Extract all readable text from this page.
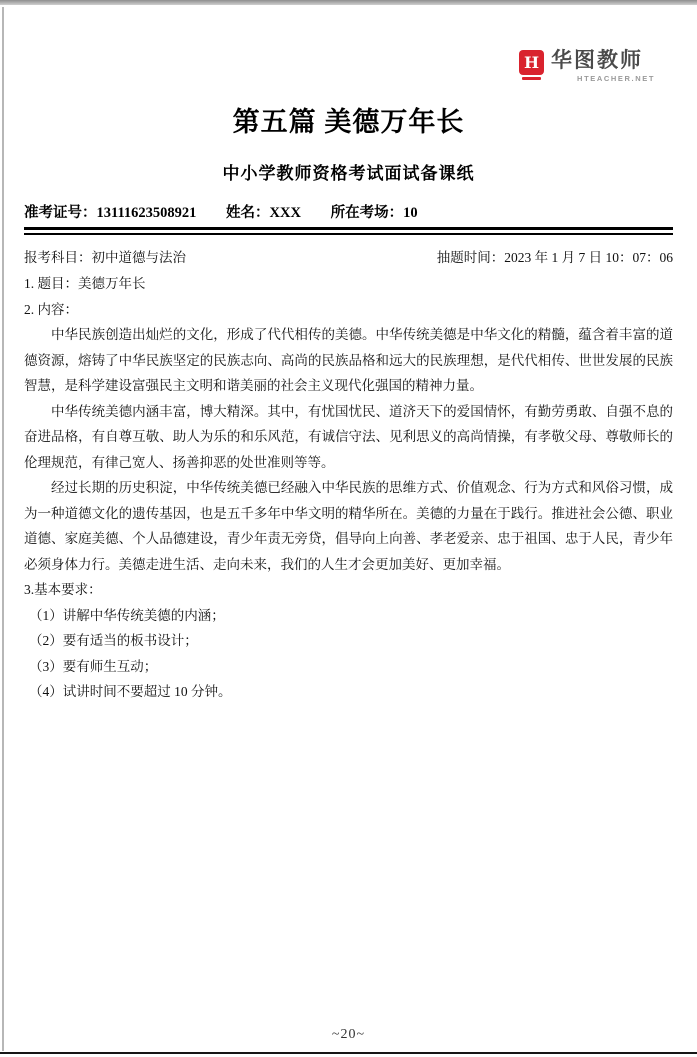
H 华图教师
HTEACHER.NET
第五篇 美德万年长
中小学教师资格考试面试备课纸
准考证号：13111623508921 姓名：XXX 所在考场：10
报考科目：初中道德与法治	抽题时间：2023 年 1 月 7 日 10：07：06

1. 题目：美德万年长

2. 内容：

中华民族创造出灿烂的文化，形成了代代相传的美德。中华传统美德是中华文化的精髓，蕴含着丰富的道德资源，熔铸了中华民族坚定的民族志向、高尚的民族品格和远大的民族理想，是代代相传、世世发展的民族智慧，是科学建设富强民主文明和谐美丽的社会主义现代化强国的精神力量。

中华传统美德内涵丰富，博大精深。其中，有忧国忧民、道济天下的爱国情怀，有勤劳勇敢、自强不息的奋进品格，有自尊互敬、助人为乐的和乐风范，有诚信守法、见利思义的高尚情操，有孝敬父母、尊敬师长的伦理规范，有律己宽人、扬善抑恶的处世准则等等。

经过长期的历史积淀，中华传统美德已经融入中华民族的思维方式、价值观念、行为方式和风俗习惯，成为一种道德文化的遗传基因，也是五千多年中华文明的精华所在。美德的力量在于践行。推进社会公德、职业道德、家庭美德、个人品德建设，青少年责无旁贷，倡导向上向善、孝老爱亲、忠于祖国、忠于人民，青少年必须身体力行。美德走进生活、走向未来，我们的人生才会更加美好、更加幸福。

3.基本要求：

（1）讲解中华传统美德的内涵；

（2）要有适当的板书设计；

（3）要有师生互动；

（4）试讲时间不要超过 10 分钟。

~20~
